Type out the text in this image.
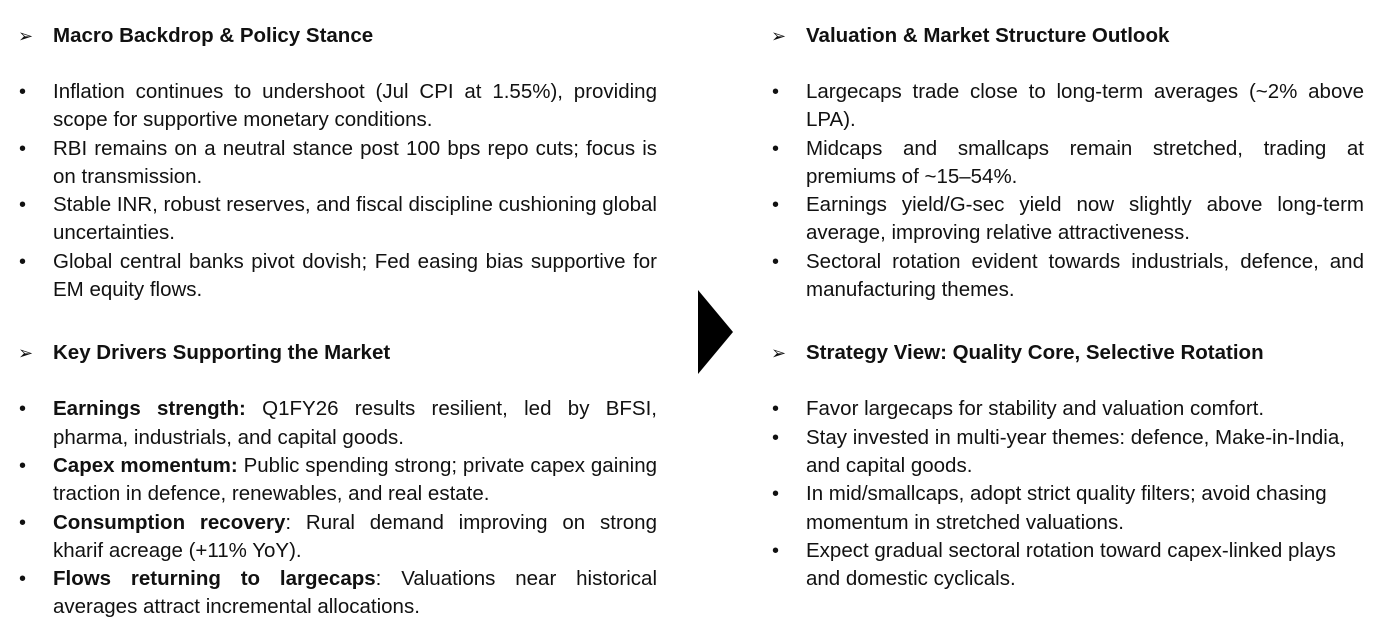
➢ Macro Backdrop & Policy Stance
• Inflation continues to undershoot (Jul CPI at 1.55%), providing scope for supportive monetary conditions.
• RBI remains on a neutral stance post 100 bps repo cuts; focus is on transmission.
• Stable INR, robust reserves, and fiscal discipline cushioning global uncertainties.
• Global central banks pivot dovish; Fed easing bias supportive for EM equity flows.
➢ Key Drivers Supporting the Market
• Earnings strength: Q1FY26 results resilient, led by BFSI, pharma, industrials, and capital goods.
• Capex momentum: Public spending strong; private capex gaining traction in defence, renewables, and real estate.
• Consumption recovery: Rural demand improving on strong kharif acreage (+11% YoY).
• Flows returning to largecaps: Valuations near historical averages attract incremental allocations.
➢ Valuation & Market Structure Outlook
• Largecaps trade close to long-term averages (~2% above LPA).
• Midcaps and smallcaps remain stretched, trading at premiums of ~15–54%.
• Earnings yield/G-sec yield now slightly above long-term average, improving relative attractiveness.
• Sectoral rotation evident towards industrials, defence, and manufacturing themes.
➢ Strategy View: Quality Core, Selective Rotation
• Favor largecaps for stability and valuation comfort.
• Stay invested in multi-year themes: defence, Make-in-India, and capital goods.
• In mid/smallcaps, adopt strict quality filters; avoid chasing momentum in stretched valuations.
• Expect gradual sectoral rotation toward capex-linked plays and domestic cyclicals.
